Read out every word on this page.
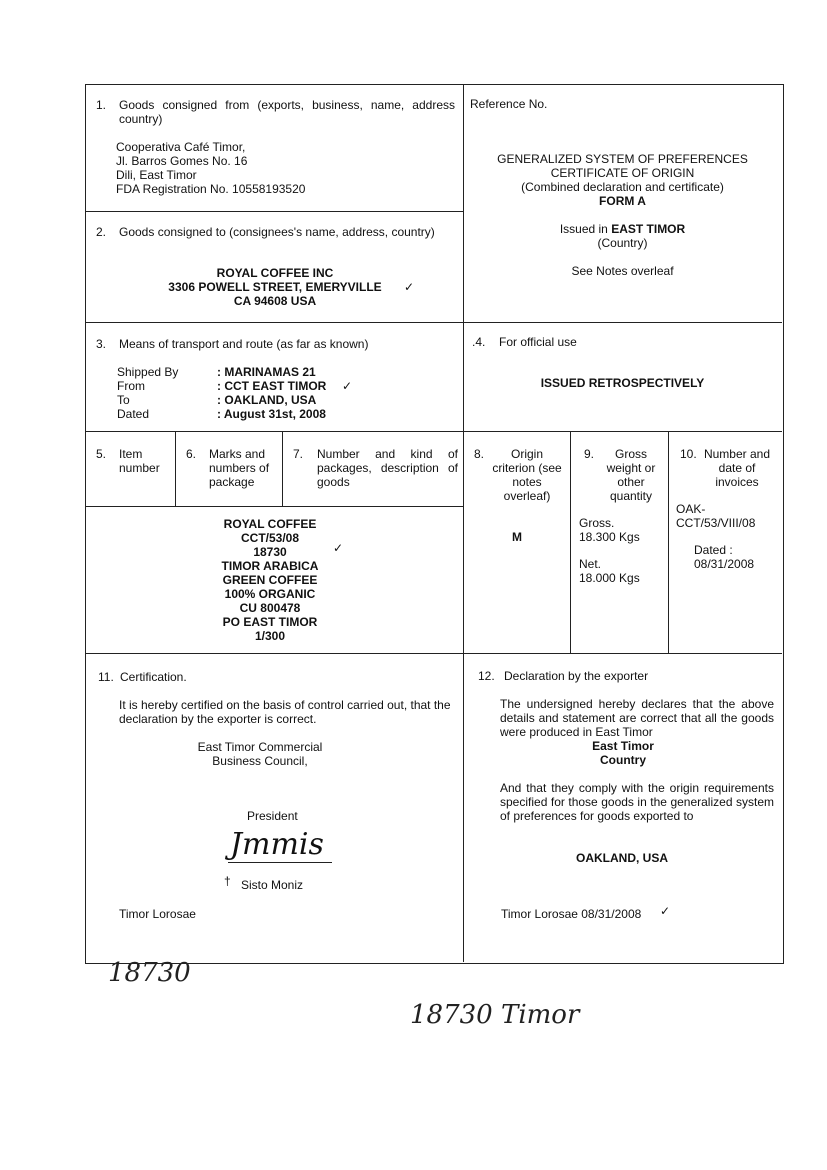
1.	Goods consigned from (exports, business, name, address country)
Cooperativa Café Timor,
Jl. Barros Gomes No. 16
Dili, East Timor
FDA Registration No. 10558193520
Reference No.
GENERALIZED SYSTEM OF PREFERENCES
CERTIFICATE OF ORIGIN
(Combined declaration and certificate)
FORM A
Issued in EAST TIMOR
(Country)
See Notes overleaf
2.	Goods consigned to (consignees's name, address, country)
ROYAL COFFEE INC
3306 POWELL STREET, EMERYVILLE
CA 94608 USA
✓
3. Means of transport and route (as far as known)
Shipped By	: MARINAMAS 21
From	: CCT EAST TIMOR
To	: OAKLAND, USA
Dated	: August 31st, 2008
✓
.4. For official use
ISSUED RETROSPECTIVELY
5. Item number
6. Marks and numbers of package
7. Number and kind of packages, description of goods
8.	Origin criterion (see notes overleaf)
9.	Gross weight or other quantity
10. Number and date of invoices
ROYAL COFFEE
CCT/53/08
18730
TIMOR ARABICA
GREEN COFFEE
100% ORGANIC
CU 800478
PO EAST TIMOR
1/300
✓
M
Gross.
18.300 Kgs
Net.
18.000 Kgs
OAK-
CCT/53/VIII/08
Dated :
08/31/2008
11. Certification.
It is hereby certified on the basis of control carried out, that the declaration by the exporter is correct.
East Timor Commercial
Business Council,
President
Jmmis
† Sisto Moniz
Timor Lorosae
12. Declaration by the exporter
The undersigned hereby declares that the above details and statement are correct that all the goods were produced in East Timor
East Timor
Country
And that they comply with the origin requirements specified for those goods in the generalized system of preferences for goods exported to
OAKLAND, USA
Timor Lorosae 08/31/2008 ✓
18730
18730 Timor
